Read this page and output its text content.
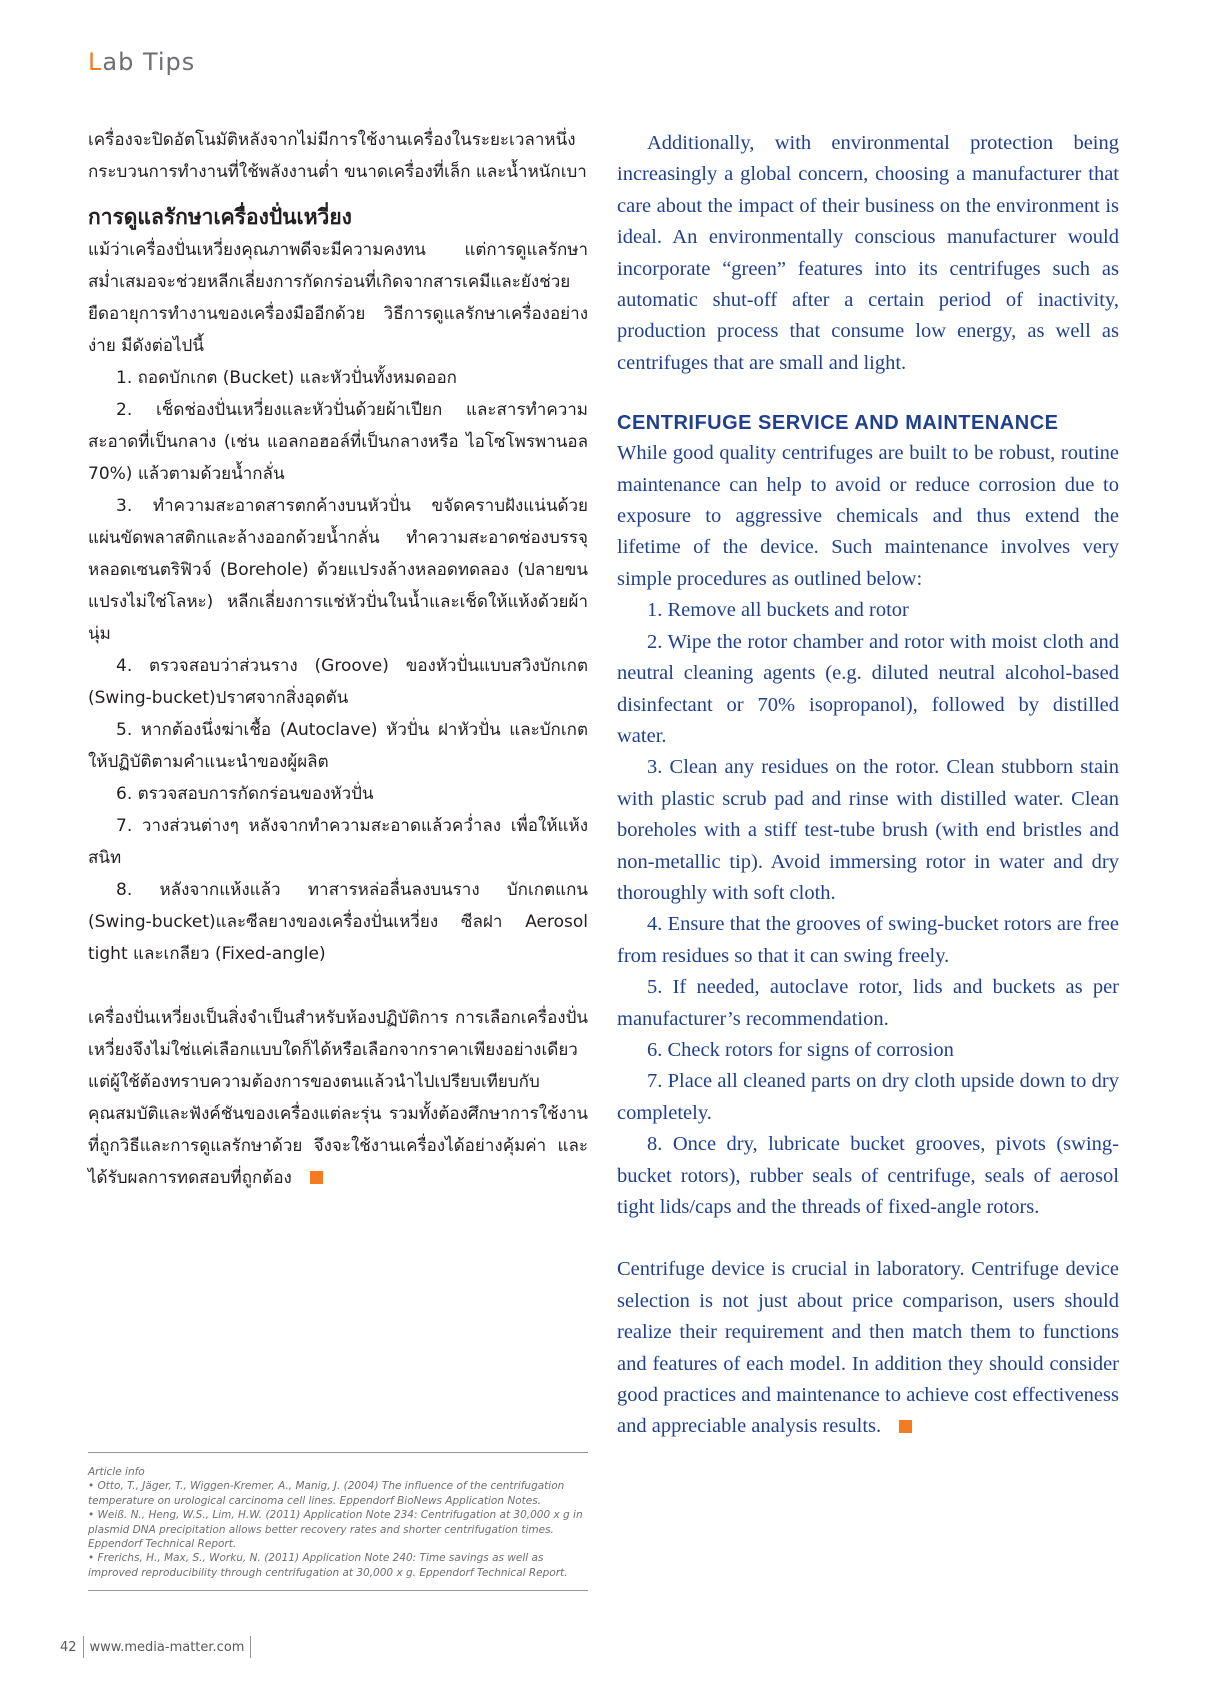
Lab Tips

เครื่องจะปิดอัตโนมัติหลังจากไม่มีการใช้งานเครื่องในระยะเวลาหนึ่ง กระบวนการทำงานที่ใช้พลังงานต่ำ ขนาดเครื่องที่เล็ก และน้ำหนักเบา

การดูแลรักษาเครื่องปั่นเหวี่ยง

แม้ว่าเครื่องปั่นเหวี่ยงคุณภาพดีจะมีความคงทน แต่การดูแลรักษาสม่ำเสมอจะช่วยหลีกเลี่ยงการกัดกร่อนที่เกิดจากสารเคมีและยังช่วยยืดอายุการทำงานของเครื่องมืออีกด้วย วิธีการดูแลรักษาเครื่องอย่างง่าย มีดังต่อไปนี้

1. ถอดบักเกต (Bucket) และหัวปั่นทั้งหมดออก

2. เช็ดช่องปั่นเหวี่ยงและหัวปั่นด้วยผ้าเปียก และสารทำความสะอาดที่เป็นกลาง (เช่น แอลกอฮอล์ที่เป็นกลางหรือ ไอโซโพรพานอล 70%) แล้วตามด้วยน้ำกลั่น

3. ทำความสะอาดสารตกค้างบนหัวปั่น ขจัดคราบฝังแน่นด้วยแผ่นขัดพลาสติกและล้างออกด้วยน้ำกลั่น ทำความสะอาดช่องบรรจุหลอดเซนตริฟิวจ์ (Borehole) ด้วยแปรงล้างหลอดทดลอง (ปลายขนแปรงไม่ใช่โลหะ) หลีกเลี่ยงการแช่หัวปั่นในน้ำและเช็ดให้แห้งด้วยผ้านุ่ม

4. ตรวจสอบว่าส่วนราง (Groove) ของหัวปั่นแบบสวิงบักเกต (Swing-bucket)ปราศจากสิ่งอุดตัน

5. หากต้องนึ่งฆ่าเชื้อ (Autoclave) หัวปั่น ฝาหัวปั่น และบักเกตให้ปฏิบัติตามคำแนะนำของผู้ผลิต

6. ตรวจสอบการกัดกร่อนของหัวปั่น

7. วางส่วนต่างๆ หลังจากทำความสะอาดแล้วคว่ำลง เพื่อให้แห้งสนิท

8. หลังจากแห้งแล้ว ทาสารหล่อลื่นลงบนราง บักเกตแกน (Swing-bucket)และซีลยางของเครื่องปั่นเหวี่ยง ซีลฝา Aerosol tight และเกลียว (Fixed-angle)

เครื่องปั่นเหวี่ยงเป็นสิ่งจำเป็นสำหรับห้องปฏิบัติการ การเลือกเครื่องปั่นเหวี่ยงจึงไม่ใช่แค่เลือกแบบใดก็ได้หรือเลือกจากราคาเพียงอย่างเดียว แต่ผู้ใช้ต้องทราบความต้องการของตนแล้วนำไปเปรียบเทียบกับคุณสมบัติและฟังค์ชันของเครื่องแต่ละรุ่น รวมทั้งต้องศึกษาการใช้งานที่ถูกวิธีและการดูแลรักษาด้วย จึงจะใช้งานเครื่องได้อย่างคุ้มค่า และได้รับผลการทดสอบที่ถูกต้อง

Additionally, with environmental protection being increasingly a global concern, choosing a manufacturer that care about the impact of their business on the environment is ideal. An environmentally conscious manufacturer would incorporate “green” features into its centrifuges such as automatic shut-off after a certain period of inactivity, production process that consume low energy, as well as centrifuges that are small and light.

CENTRIFUGE SERVICE AND MAINTENANCE

While good quality centrifuges are built to be robust, routine maintenance can help to avoid or reduce corrosion due to exposure to aggressive chemicals and thus extend the lifetime of the device. Such maintenance involves very simple procedures as outlined below:

1. Remove all buckets and rotor

2. Wipe the rotor chamber and rotor with moist cloth and neutral cleaning agents (e.g. diluted neutral alcohol-based disinfectant or 70% isopropanol), followed by distilled water.

3. Clean any residues on the rotor. Clean stubborn stain with plastic scrub pad and rinse with distilled water. Clean boreholes with a stiff test-tube brush (with end bristles and non-metallic tip). Avoid immersing rotor in water and dry thoroughly with soft cloth.

4. Ensure that the grooves of swing-bucket rotors are free from residues so that it can swing freely.

5. If needed, autoclave rotor, lids and buckets as per manufacturer’s recommendation.

6. Check rotors for signs of corrosion

7. Place all cleaned parts on dry cloth upside down to dry completely.

8. Once dry, lubricate bucket grooves, pivots (swing-bucket rotors), rubber seals of centrifuge, seals of aerosol tight lids/caps and the threads of fixed-angle rotors.

Centrifuge device is crucial in laboratory. Centrifuge device selection is not just about price comparison, users should realize their requirement and then match them to functions and features of each model. In addition they should consider good practices and maintenance to achieve cost effectiveness and appreciable analysis results.

Article info
• Otto, T., Jäger, T., Wiggen-Kremer, A., Manig, J. (2004) The influence of the centrifugation temperature on urological carcinoma cell lines. Eppendorf BioNews Application Notes.
• Weiß. N., Heng, W.S., Lim, H.W. (2011) Application Note 234: Centrifugation at 30,000 x g in plasmid DNA precipitation allows better recovery rates and shorter centrifugation times. Eppendorf Technical Report.
• Frerichs, H., Max, S., Worku, N. (2011) Application Note 240: Time savings as well as improved reproducibility through centrifugation at 30,000 x g. Eppendorf Technical Report.
42 www.media-matter.com
